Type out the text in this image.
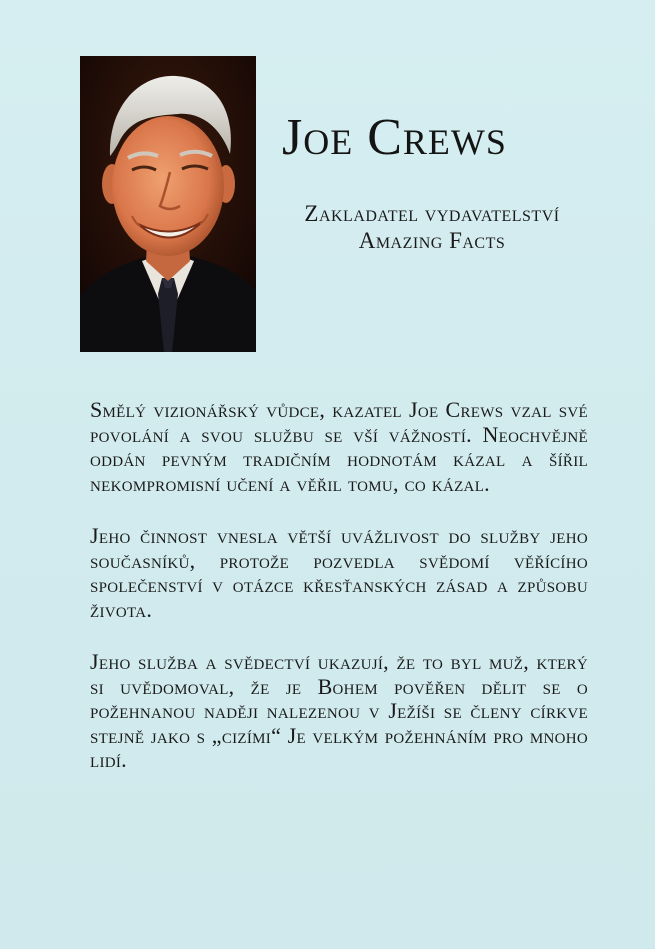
Joe Crews
Zakladatel vydavatelství
Amazing Facts

Smělý vizionářský vůdce, kazatel Joe Crews vzal své povolání a svou službu se vší vážností. Neochvějně oddán pevným tradičním hodnotám kázal a šířil nekompromisní učení a věřil tomu, co kázal.

Jeho činnost vnesla větší uvážlivost do služby jeho současníků, protože pozvedla svědomí věřícího společenství v otázce křesťanských zásad a způsobu života.

Jeho služba a svědectví ukazují, že to byl muž, který si uvědomoval, že je Bohem pověřen dělit se o požehnanou naději nalezenou v Ježíši se členy církve stejně jako s „cizími“ Je velkým požehnáním pro mnoho lidí.
